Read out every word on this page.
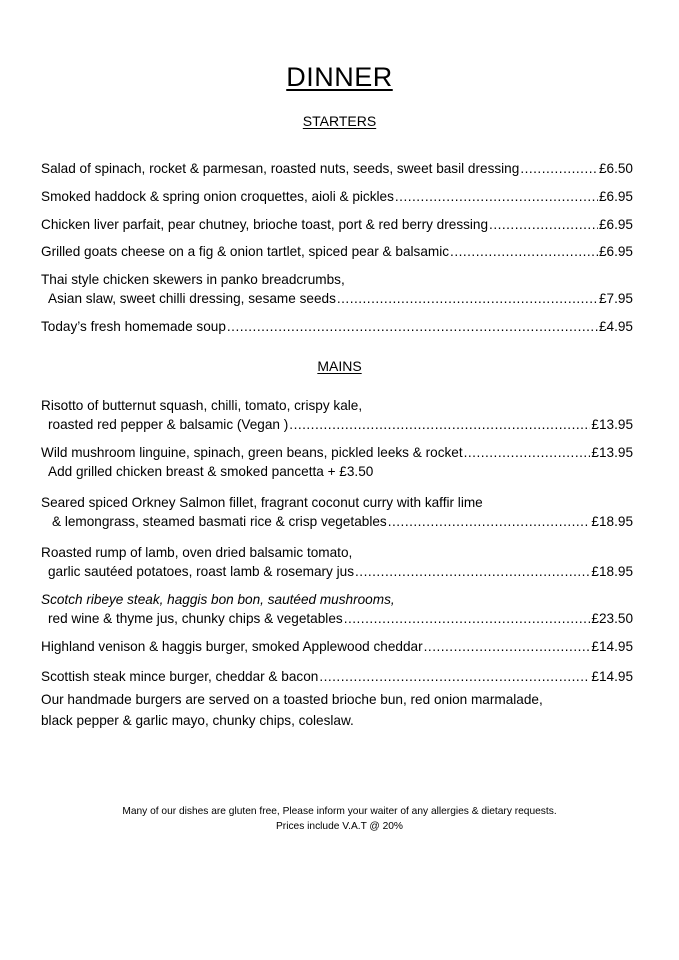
DINNER
STARTERS
Salad of spinach, rocket & parmesan, roasted nuts, seeds, sweet basil dressing .....	£6.50
Smoked haddock & spring onion croquettes, aioli & pickles .....	£6.95
Chicken liver parfait, pear chutney, brioche toast, port & red berry dressing .....	£6.95
Grilled goats cheese on a fig & onion tartlet, spiced pear & balsamic .....	£6.95
Thai style chicken skewers in panko breadcrumbs,
Asian slaw, sweet chilli dressing, sesame seeds .....	£7.95
Today’s fresh homemade soup .....	£4.95
MAINS
Risotto of butternut squash, chilli, tomato, crispy kale,
roasted red pepper & balsamic (Vegan ) .....	£13.95
Wild mushroom linguine, spinach, green beans, pickled leeks & rocket .....	£13.95
Add grilled chicken breast & smoked pancetta + £3.50
Seared spiced Orkney Salmon fillet, fragrant coconut curry with kaffir lime
& lemongrass, steamed basmati rice & crisp vegetables .....	£18.95
Roasted rump of lamb, oven dried balsamic tomato,
garlic sautéed potatoes, roast lamb & rosemary jus .....	£18.95
Scotch ribeye steak, haggis bon bon, sautéed mushrooms,
red wine & thyme jus, chunky chips & vegetables .....	£23.50
Highland venison & haggis burger, smoked Applewood cheddar .....	£14.95
Scottish steak mince burger, cheddar & bacon .....	£14.95
Our handmade burgers are served on a toasted brioche bun, red onion marmalade,
black pepper & garlic mayo, chunky chips, coleslaw.
Many of our dishes are gluten free, Please inform your waiter of any allergies & dietary requests.
Prices include V.A.T @ 20%
